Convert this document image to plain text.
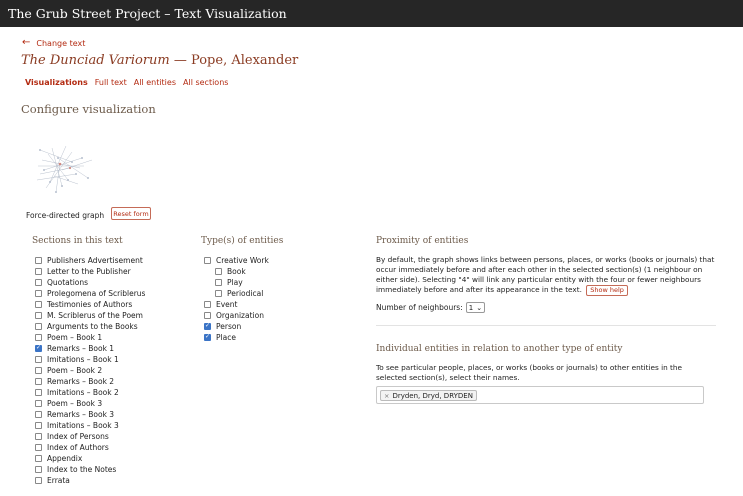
The Grub Street Project – Text Visualization
← Change text
The Dunciad Variorum — Pope, Alexander
Visualizations Full text All entities All sections
Configure visualization
Force-directed graph	Reset form
Sections in this text
Publishers Advertisement
Letter to the Publisher
Quotations
Prolegomena of Scriblerus
Testimonies of Authors
M. Scriblerus of the Poem
Arguments to the Books
Poem – Book 1
✓ Remarks – Book 1
Imitations – Book 1
Poem – Book 2
Remarks – Book 2
Imitations – Book 2
Poem – Book 3
Remarks – Book 3
Imitations – Book 3
Index of Persons
Index of Authors
Appendix
Index to the Notes
Errata
Type(s) of entities
Creative Work
Book
Play
Periodical
Event
Organization
✓ Person
✓ Place
Proximity of entities
By default, the graph shows links between persons, places, or works (books or journals) that occur immediately before and after each other in the selected section(s) (1 neighbour on either side). Selecting "4" will link any particular entity with the four or fewer neighbours immediately before and after its appearance in the text. Show help
Number of neighbours: 1 ⌄
Individual entities in relation to another type of entity
To see particular people, places, or works (books or journals) to other entities in the selected section(s), select their names.
× Dryden, Dryd, DRYDEN
